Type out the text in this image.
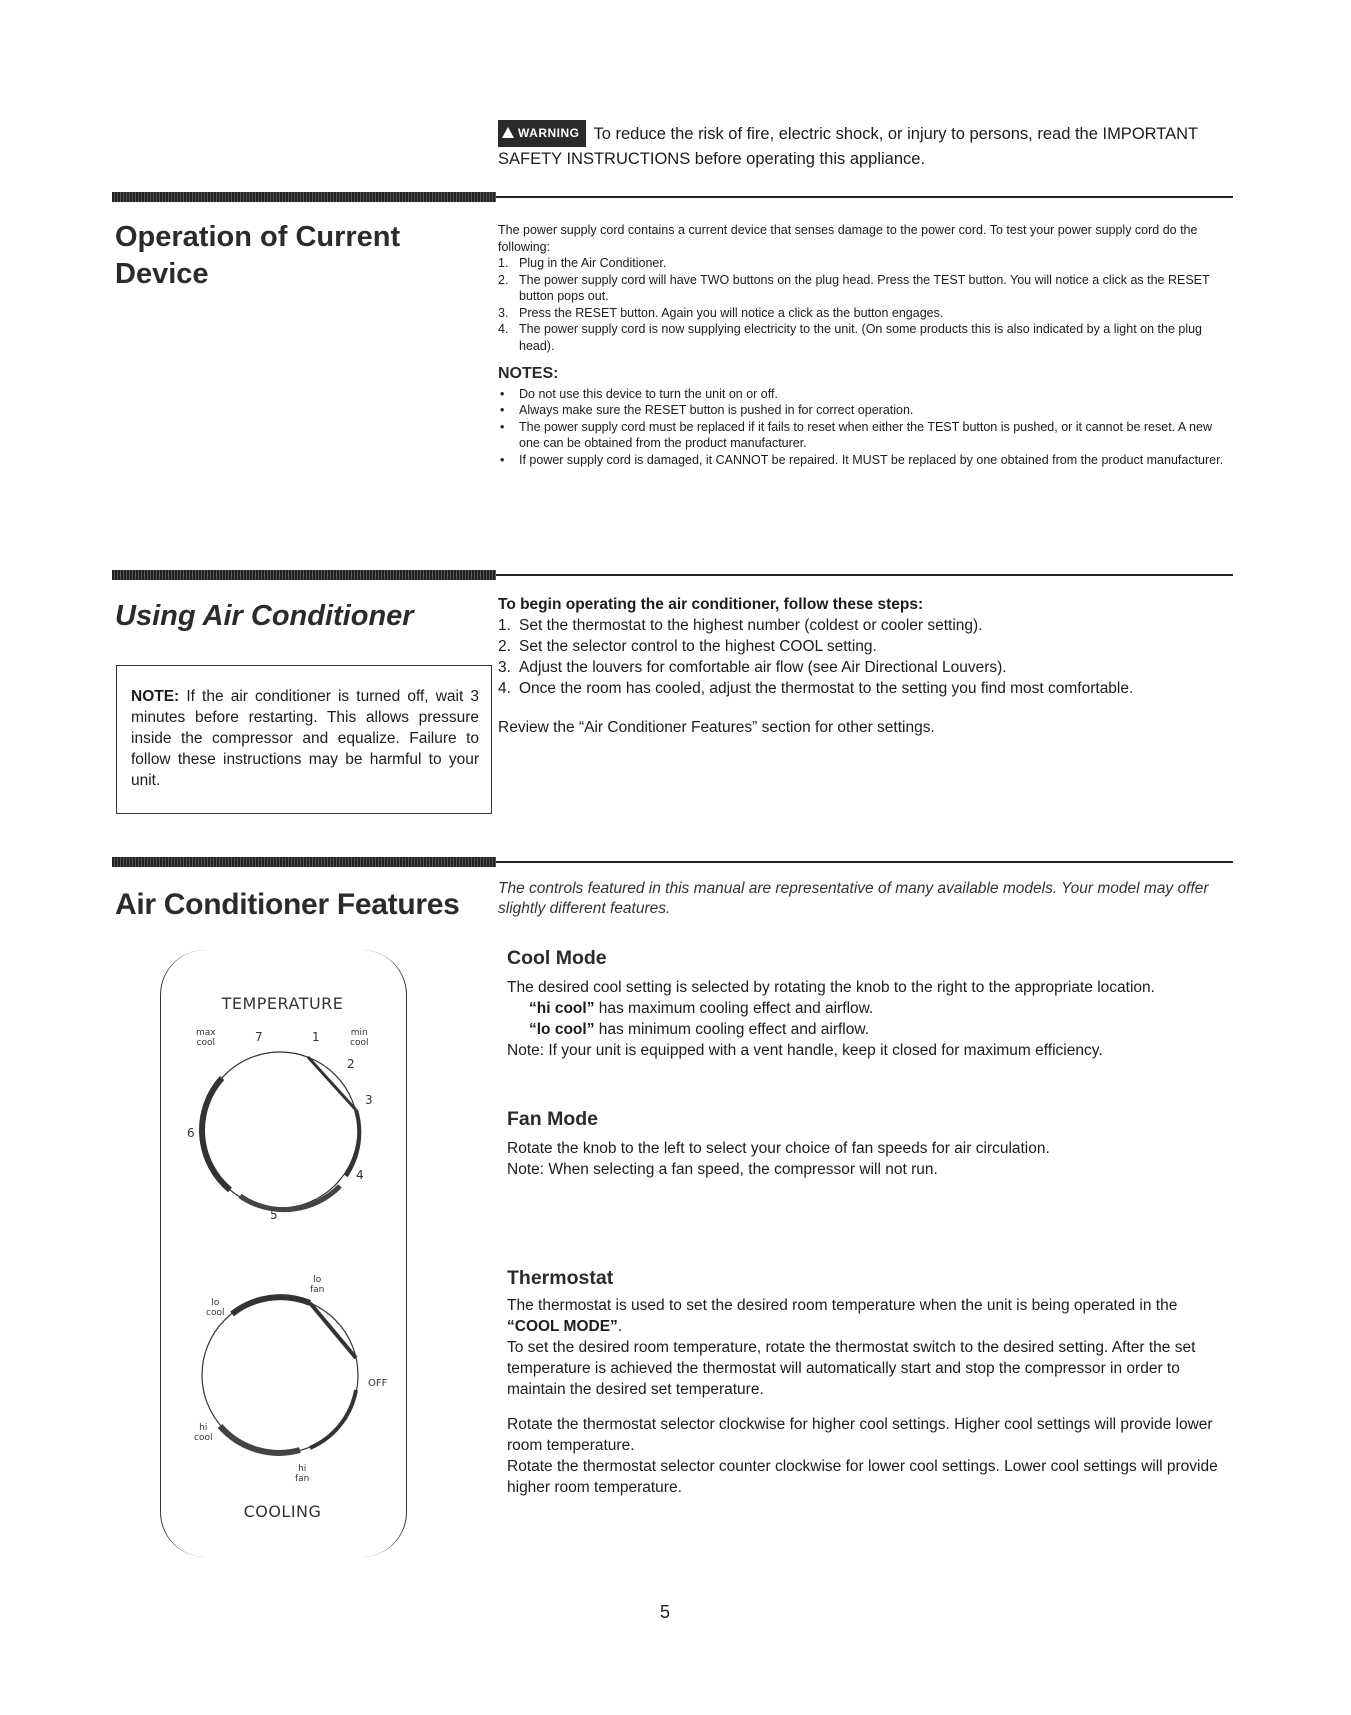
WARNING To reduce the risk of fire, electric shock, or injury to persons, read the IMPORTANT SAFETY INSTRUCTIONS before operating this appliance.
Operation of Current Device
The power supply cord contains a current device that senses damage to the power cord. To test your power supply cord do the following:
1. Plug in the Air Conditioner.
2. The power supply cord will have TWO buttons on the plug head. Press the TEST button. You will notice a click as the RESET button pops out.
3. Press the RESET button. Again you will notice a click as the button engages.
4. The power supply cord is now supplying electricity to the unit. (On some products this is also indicated by a light on the plug head).
NOTES:
• Do not use this device to turn the unit on or off.
• Always make sure the RESET button is pushed in for correct operation.
• The power supply cord must be replaced if it fails to reset when either the TEST button is pushed, or it cannot be reset. A new one can be obtained from the product manufacturer.
• If power supply cord is damaged, it CANNOT be repaired. It MUST be replaced by one obtained from the product manufacturer.
Using Air Conditioner
NOTE: If the air conditioner is turned off, wait 3 minutes before restarting. This allows pressure inside the compressor and equalize. Failure to follow these instructions may be harmful to your unit.
To begin operating the air conditioner, follow these steps:
1. Set the thermostat to the highest number (coldest or cooler setting).
2. Set the selector control to the highest COOL setting.
3. Adjust the louvers for comfortable air flow (see Air Directional Louvers).
4. Once the room has cooled, adjust the thermostat to the setting you find most comfortable.
Review the “Air Conditioner Features” section for other settings.
Air Conditioner Features The controls featured in this manual are representative of many available models. Your model may offer slightly different features.
Cool Mode
The desired cool setting is selected by rotating the knob to the right to the appropriate location.
“hi cool” has maximum cooling effect and airflow.
“lo cool” has minimum cooling effect and airflow.
Note: If your unit is equipped with a vent handle, keep it closed for maximum efficiency.
Fan Mode
Rotate the knob to the left to select your choice of fan speeds for air circulation.
Note: When selecting a fan speed, the compressor will not run.
Thermostat
The thermostat is used to set the desired room temperature when the unit is being operated in the “COOL MODE”.
To set the desired room temperature, rotate the thermostat switch to the desired setting. After the set temperature is achieved the thermostat will automatically start and stop the compressor in order to maintain the desired set temperature.
Rotate the thermostat selector clockwise for higher cool settings. Higher cool settings will provide lower room temperature.
Rotate the thermostat selector counter clockwise for lower cool settings. Lower cool settings will provide higher room temperature.
TEMPERATURE
max
cool
min
cool
7	1
2
3
4
5
6
COOLING
lo
fan
lo
cool
OFF
hi
cool
hi
fan
5
